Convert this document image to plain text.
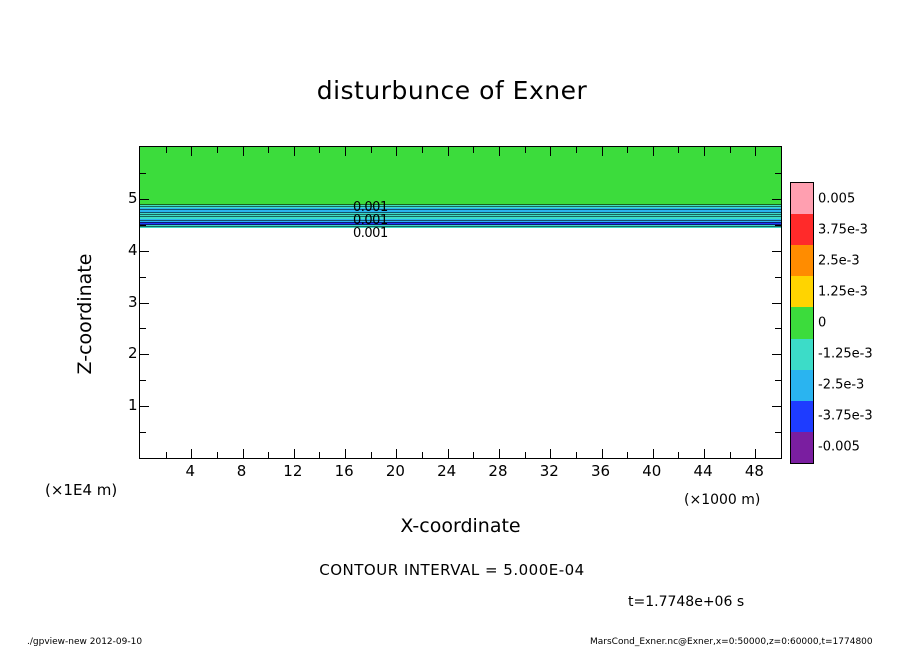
disturbunce of Exner
0.001
0.001
0.001
4	8 12 16 20 24 28 32 36 40 44 48
1
2
3
4
5
Z-coordinate
X-coordinate
(×1E4 m)
(×1000 m)
0.005
3.75e-3
2.5e-3
1.25e-3
0
-1.25e-3
-2.5e-3
-3.75e-3
-0.005
CONTOUR INTERVAL = 5.000E-04
t=1.7748e+06 s
./gpview-new 2012-09-10	MarsCond_Exner.nc@Exner,x=0:50000,z=0:60000,t=1774800
